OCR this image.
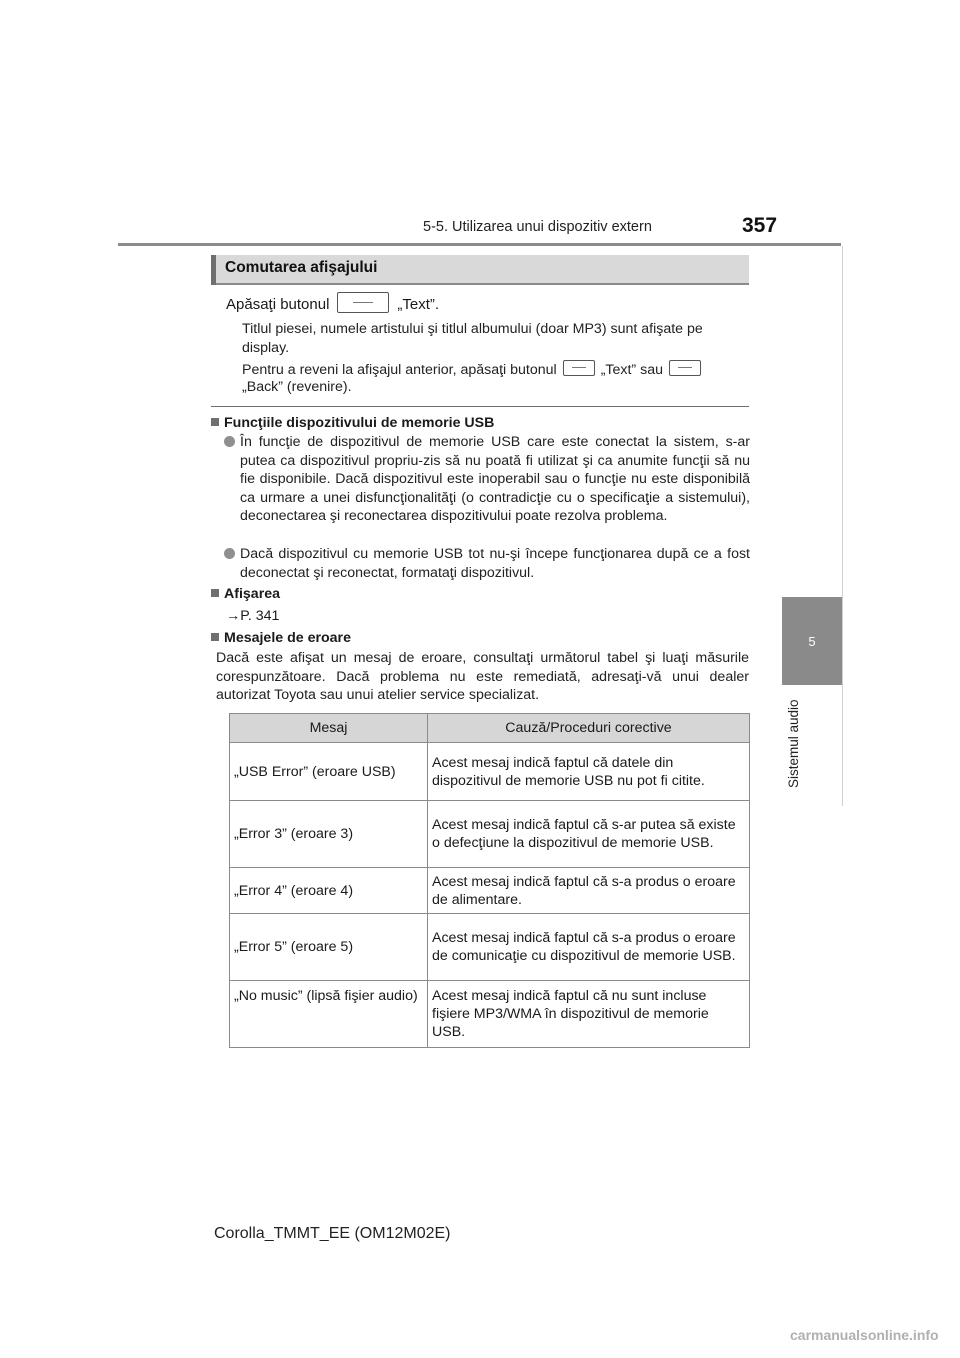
5-5. Utilizarea unui dispozitiv extern	357
5
Sistemul audio
Comutarea afişajului
Apăsaţi butonul	„Text”.
Titlul piesei, numele artistului şi titlul albumului (doar MP3) sunt afişate pe
display.
Pentru a reveni la afişajul anterior, apăsaţi butonul	„Text” sau
„Back” (revenire).
Funcţiile dispozitivului de memorie USB
În funcţie de dispozitivul de memorie USB care este conectat la sistem, s-ar putea ca dispozitivul propriu-zis să nu poată fi utilizat şi ca anumite funcţii să nu fie disponibile. Dacă dispozitivul este inoperabil sau o funcţie nu este disponibilă ca urmare a unei disfuncţionalităţi (o contradicţie cu o specificaţie a sistemului), deconectarea şi reconectarea dispozitivului poate rezolva problema.
Dacă dispozitivul cu memorie USB tot nu-şi începe funcţionarea după ce a fost deconectat şi reconectat, formataţi dispozitivul.
Afişarea
→P. 341
Mesajele de eroare
Dacă este afişat un mesaj de eroare, consultaţi următorul tabel şi luaţi măsurile corespunzătoare. Dacă problema nu este remediată, adresaţi-vă unui dealer autorizat Toyota sau unui atelier service specializat.
Mesaj	Cauză/Proceduri corective
„USB Error” (eroare USB)	Acest mesaj indică faptul că datele din dispozitivul de memorie USB nu pot fi citite.
„Error 3” (eroare 3)	Acest mesaj indică faptul că s-ar putea să existe o defecţiune la dispozitivul de memorie USB.
„Error 4” (eroare 4)	Acest mesaj indică faptul că s-a produs o eroare de alimentare.
„Error 5” (eroare 5)	Acest mesaj indică faptul că s-a produs o eroare de comunicaţie cu dispozitivul de memorie USB.
„No music” (lipsă fişier audio)	Acest mesaj indică faptul că nu sunt incluse fişiere MP3/WMA în dispozitivul de memorie USB.
Corolla_TMMT_EE (OM12M02E)
carmanualsonline.info
